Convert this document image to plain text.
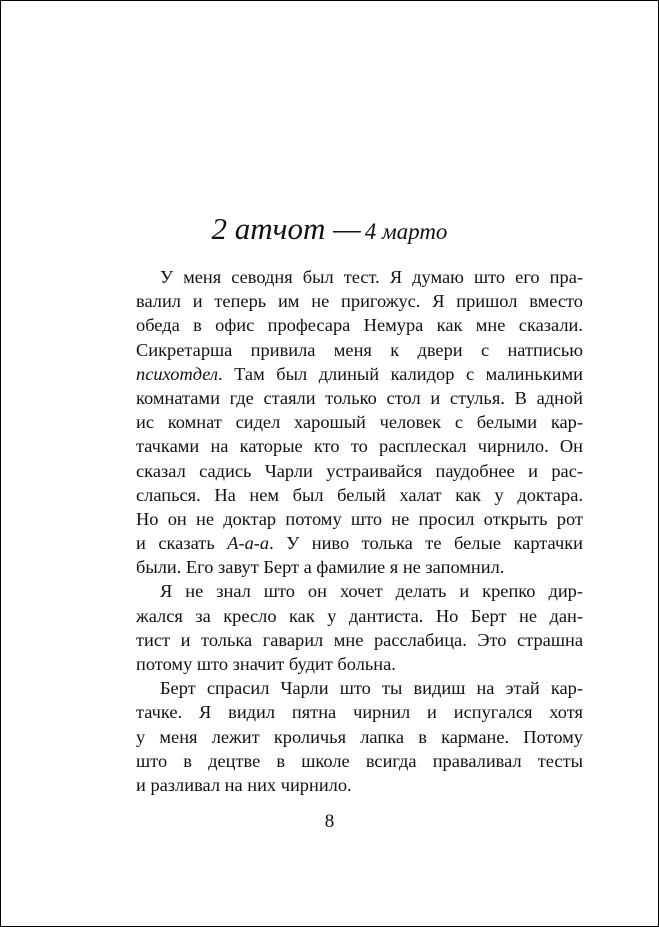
2 атчот — 4 марто
У меня севодня был тест. Я думаю што его пра-
валил и теперь им не пригожус. Я пришол вместо
обеда в офис професара Немура как мне сказали.
Сикретарша привила меня к двери с натписью
психотдел. Там был длиный калидор с малинькими
комнатами где стаяли только стол и стулья. В адной
ис комнат сидел харошый человек с белыми кар-
тачками на каторые кто то расплескал чирнило. Он
сказал садись Чарли устраивайся паудобнее и рас-
слапься. На нем был белый халат как у доктара.
Но он не доктар потому што не просил открыть рот
и сказать А-а-а. У ниво толька те белые картачки
были. Его завут Берт а фамилие я не запомнил.
Я не знал што он хочет делать и крепко дир-
жался за кресло как у дантиста. Но Берт не дан-
тист и толька гаварил мне расслабица. Это страшна
потому што значит будит больна.
Берт спрасил Чарли што ты видиш на этай кар-
тачке. Я видил пятна чирнил и испугался хотя
у меня лежит кроличья лапка в кармане. Потому
што в децтве в школе всигда праваливал тесты
и разливал на них чирнило.
8
